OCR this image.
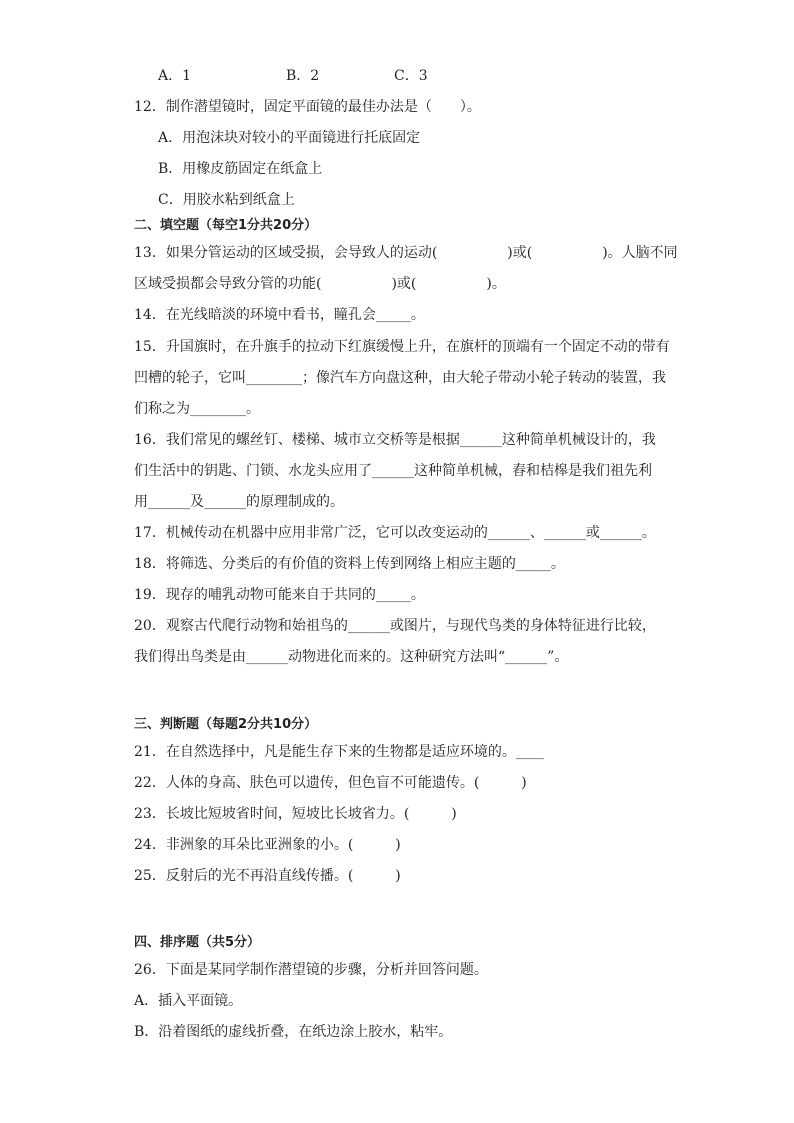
A．1	B．2	C．3
12．制作潜望镜时，固定平面镜的最佳办法是（　　）。
A．用泡沫块对较小的平面镜进行托底固定
B．用橡皮筋固定在纸盒上
C．用胶水粘到纸盒上
二、填空题（每空1分共20分）
13．如果分管运动的区域受损，会导致人的运动(　　　　　)或(　　　　　)。人脑不同
区域受损都会导致分管的功能(　　　　　)或(　　　　　)。
14．在光线暗淡的环境中看书，瞳孔会_____。
15．升国旗时，在升旗手的拉动下红旗缓慢上升，在旗杆的顶端有一个固定不动的带有
凹槽的轮子，它叫________；像汽车方向盘这种，由大轮子带动小轮子转动的装置，我
们称之为________。
16．我们常见的螺丝钉、楼梯、城市立交桥等是根据______这种简单机械设计的，我
们生活中的钥匙、门锁、水龙头应用了______这种简单机械，舂和桔槔是我们祖先利
用______及______的原理制成的。
17．机械传动在机器中应用非常广泛，它可以改变运动的______、______或______。
18．将筛选、分类后的有价值的资料上传到网络上相应主题的_____。
19．现存的哺乳动物可能来自于共同的_____。
20．观察古代爬行动物和始祖鸟的______或图片，与现代鸟类的身体特征进行比较，
我们得出鸟类是由______动物进化而来的。这种研究方法叫“______”。
三、判断题（每题2分共10分）
21．在自然选择中，凡是能生存下来的生物都是适应环境的。____
22．人体的身高、肤色可以遗传，但色盲不可能遗传。(　　　)
23．长坡比短坡省时间，短坡比长坡省力。(　　　)
24．非洲象的耳朵比亚洲象的小。(　　　)
25．反射后的光不再沿直线传播。(　　　)
四、排序题（共5分）
26．下面是某同学制作潜望镜的步骤，分析并回答问题。
A．插入平面镜。
B．沿着图纸的虚线折叠，在纸边涂上胶水，粘牢。
